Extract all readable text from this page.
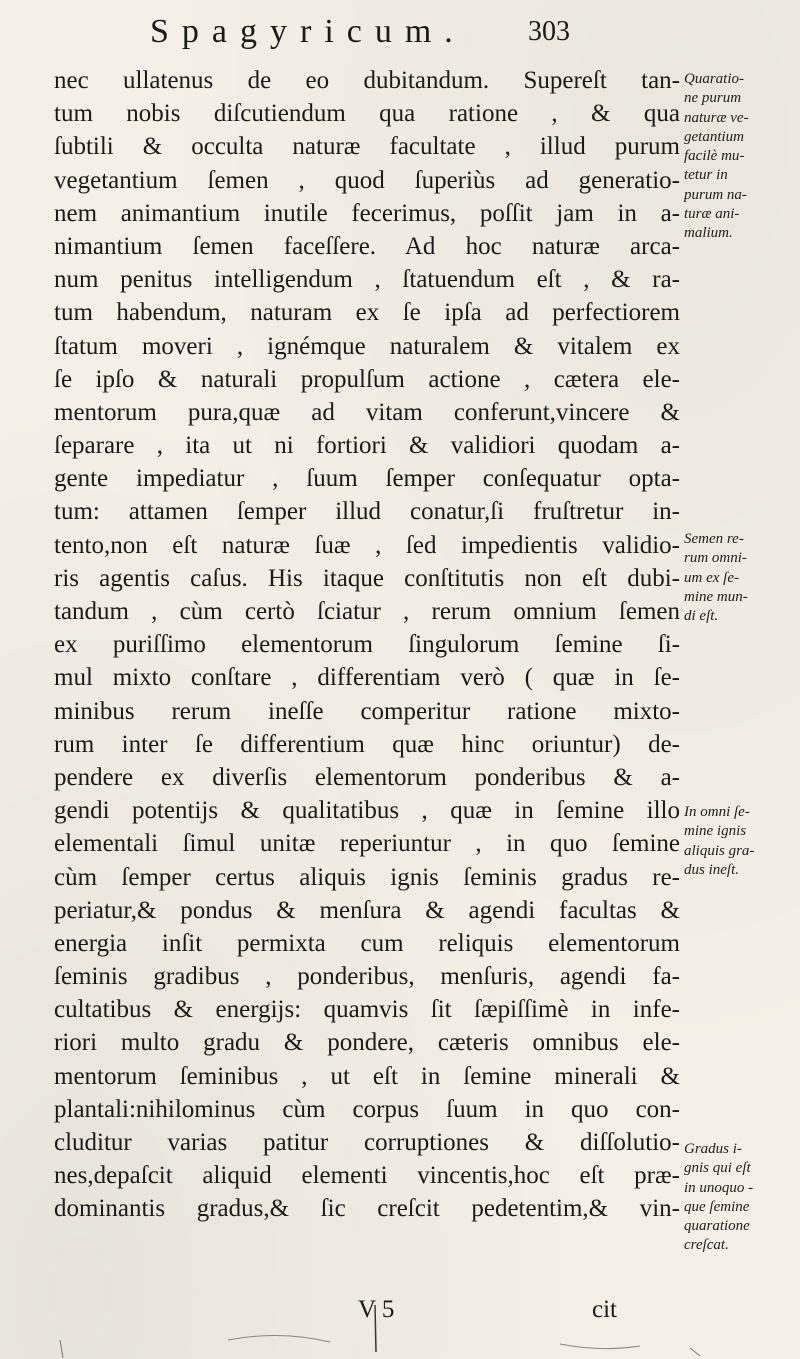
Spagyricum. 303
nec ullatenus de eo dubitandum. Supereſt tan-
tum nobis diſcutiendum qua ratione , & qua
ſubtili & occulta naturæ facultate , illud purum
vegetantium ſemen , quod ſuperiùs ad generatio-
nem animantium inutile fecerimus, poſſit jam in a-
nimantium ſemen faceſſere. Ad hoc naturæ arca-
num penitus intelligendum , ſtatuendum eſt , & ra-
tum habendum, naturam ex ſe ipſa ad perfectiorem
ſtatum moveri , ignémque naturalem & vitalem ex
ſe ipſo & naturali propulſum actione , cætera ele-
mentorum pura,quæ ad vitam conferunt,vincere &
ſeparare , ita ut ni fortiori & validiori quodam a-
gente impediatur , ſuum ſemper conſequatur opta-
tum: attamen ſemper illud conatur,ſi fruſtretur in-
tento,non eſt naturæ ſuæ , ſed impedientis validio-
ris agentis caſus. His itaque conſtitutis non eſt dubi-
tandum , cùm certò ſciatur , rerum omnium ſemen
ex puriſſimo elementorum ſingulorum ſemine ſi-
mul mixto conſtare , differentiam verò ( quæ in ſe-
minibus rerum ineſſe comperitur ratione mixto-
rum inter ſe differentium quæ hinc oriuntur) de-
pendere ex diverſis elementorum ponderibus & a-
gendi potentijs & qualitatibus , quæ in ſemine illo
elementali ſimul unitæ reperiuntur , in quo ſemine
cùm ſemper certus aliquis ignis ſeminis gradus re-
periatur,& pondus & menſura & agendi facultas &
energia inſit permixta cum reliquis elementorum
ſeminis gradibus , ponderibus, menſuris, agendi fa-
cultatibus & energijs: quamvis ſit ſæpiſſimè in infe-
riori multo gradu & pondere, cæteris omnibus ele-
mentorum ſeminibus , ut eſt in ſemine minerali &
plantali:nihilominus cùm corpus ſuum in quo con-
cluditur varias patitur corruptiones & diſſolutio-
nes,depaſcit aliquid elementi vincentis,hoc eſt præ-
dominantis gradus,& ſic creſcit pedetentim,& vin-
Quaratio-
ne purum
naturæ ve-
getantium
facilè mu-
tetur in
purum na-
turæ ani-
malium.
Semen re-
rum omni-
um ex ſe-
mine mun-
di eſt.
In omni ſe-
mine ignis
aliquis gra-
dus ineſt.
Gradus i-
gnis qui eſt
in unoquo -
que ſemine
quaratione
creſcat.
V 5	cit
